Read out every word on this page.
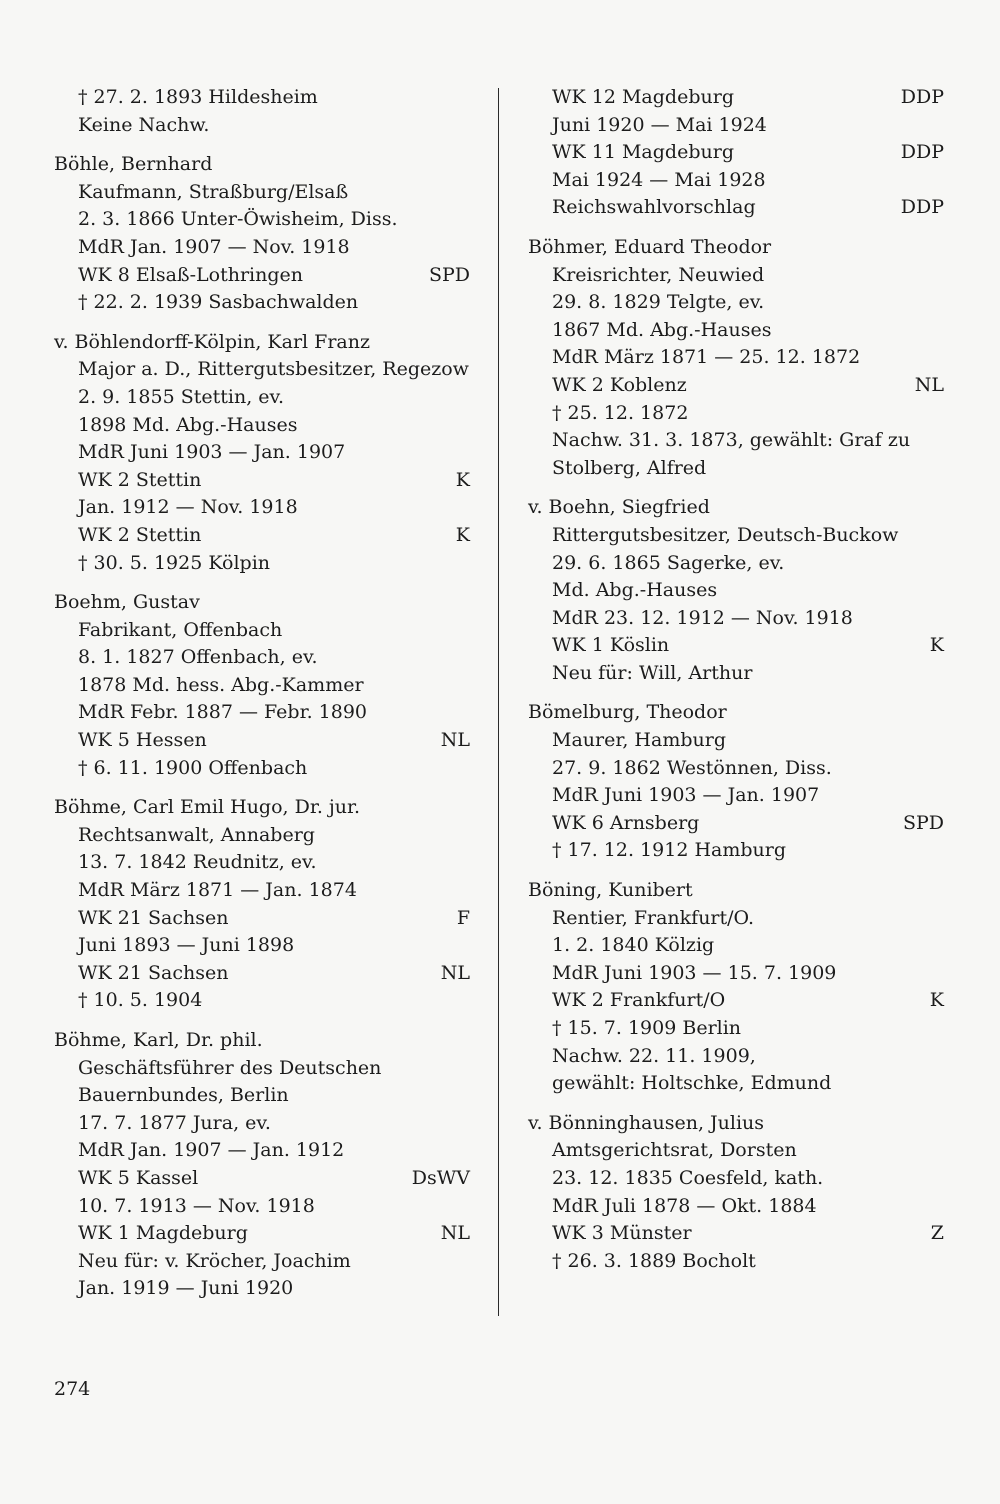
† 27. 2. 1893 Hildesheim
Keine Nachw.
Böhle, Bernhard
Kaufmann, Straßburg/Elsaß
2. 3. 1866 Unter-Öwisheim, Diss.
MdR Jan. 1907 — Nov. 1918
WK 8 Elsaß-Lothringen	SPD
† 22. 2. 1939 Sasbachwalden
v. Böhlendorff-Kölpin, Karl Franz
Major a. D., Rittergutsbesitzer, Regezow
2. 9. 1855 Stettin, ev.
1898 Md. Abg.-Hauses
MdR Juni 1903 — Jan. 1907
WK 2 Stettin	K
Jan. 1912 — Nov. 1918
WK 2 Stettin	K
† 30. 5. 1925 Kölpin
Boehm, Gustav
Fabrikant, Offenbach
8. 1. 1827 Offenbach, ev.
1878 Md. hess. Abg.-Kammer
MdR Febr. 1887 — Febr. 1890
WK 5 Hessen	NL
† 6. 11. 1900 Offenbach
Böhme, Carl Emil Hugo, Dr. jur.
Rechtsanwalt, Annaberg
13. 7. 1842 Reudnitz, ev.
MdR März 1871 — Jan. 1874
WK 21 Sachsen	F
Juni 1893 — Juni 1898
WK 21 Sachsen	NL
† 10. 5. 1904
Böhme, Karl, Dr. phil.
Geschäftsführer des Deutschen
Bauernbundes, Berlin
17. 7. 1877 Jura, ev.
MdR Jan. 1907 — Jan. 1912
WK 5 Kassel	DsWV
10. 7. 1913 — Nov. 1918
WK 1 Magdeburg	NL
Neu für: v. Kröcher, Joachim
Jan. 1919 — Juni 1920
WK 12 Magdeburg	DDP
Juni 1920 — Mai 1924
WK 11 Magdeburg	DDP
Mai 1924 — Mai 1928
Reichswahlvorschlag	DDP
Böhmer, Eduard Theodor
Kreisrichter, Neuwied
29. 8. 1829 Telgte, ev.
1867 Md. Abg.-Hauses
MdR März 1871 — 25. 12. 1872
WK 2 Koblenz	NL
† 25. 12. 1872
Nachw. 31. 3. 1873, gewählt: Graf zu
Stolberg, Alfred
v. Boehn, Siegfried
Rittergutsbesitzer, Deutsch-Buckow
29. 6. 1865 Sagerke, ev.
Md. Abg.-Hauses
MdR 23. 12. 1912 — Nov. 1918
WK 1 Köslin	K
Neu für: Will, Arthur
Bömelburg, Theodor
Maurer, Hamburg
27. 9. 1862 Westönnen, Diss.
MdR Juni 1903 — Jan. 1907
WK 6 Arnsberg	SPD
† 17. 12. 1912 Hamburg
Böning, Kunibert
Rentier, Frankfurt/O.
1. 2. 1840 Kölzig
MdR Juni 1903 — 15. 7. 1909
WK 2 Frankfurt/O	K
† 15. 7. 1909 Berlin
Nachw. 22. 11. 1909,
gewählt: Holtschke, Edmund
v. Bönninghausen, Julius
Amtsgerichtsrat, Dorsten
23. 12. 1835 Coesfeld, kath.
MdR Juli 1878 — Okt. 1884
WK 3 Münster	Z
† 26. 3. 1889 Bocholt
274
